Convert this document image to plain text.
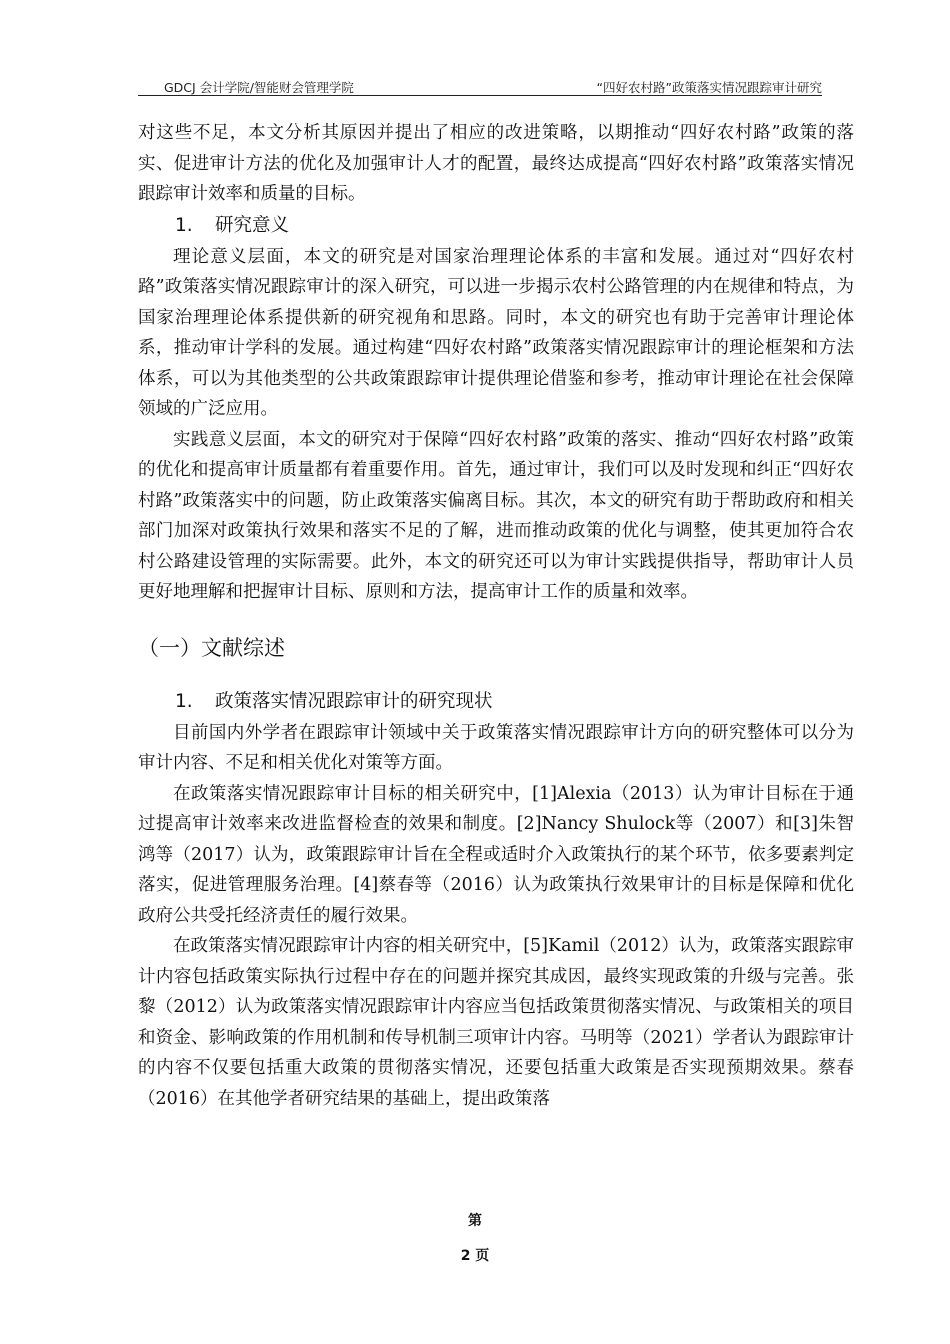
GDCJ 会计学院/智能财会管理学院	“四好农村路”政策落实情况跟踪审计研究

对这些不足，本文分析其原因并提出了相应的改进策略，以期推动“四好农村路”政策的落实、促进审计方法的优化及加强审计人才的配置，最终达成提高“四好农村路”政策落实情况跟踪审计效率和质量的目标。

1. 研究意义

理论意义层面，本文的研究是对国家治理理论体系的丰富和发展。通过对“四好农村路”政策落实情况跟踪审计的深入研究，可以进一步揭示农村公路管理的内在规律和特点，为国家治理理论体系提供新的研究视角和思路。同时，本文的研究也有助于完善审计理论体系，推动审计学科的发展。通过构建“四好农村路”政策落实情况跟踪审计的理论框架和方法体系，可以为其他类型的公共政策跟踪审计提供理论借鉴和参考，推动审计理论在社会保障领域的广泛应用。

实践意义层面，本文的研究对于保障“四好农村路”政策的落实、推动“四好农村路”政策的优化和提高审计质量都有着重要作用。首先，通过审计，我们可以及时发现和纠正“四好农村路”政策落实中的问题，防止政策落实偏离目标。其次，本文的研究有助于帮助政府和相关部门加深对政策执行效果和落实不足的了解，进而推动政策的优化与调整，使其更加符合农村公路建设管理的实际需要。此外，本文的研究还可以为审计实践提供指导，帮助审计人员更好地理解和把握审计目标、原则和方法，提高审计工作的质量和效率。

（一）文献综述
1. 政策落实情况跟踪审计的研究现状

目前国内外学者在跟踪审计领域中关于政策落实情况跟踪审计方向的研究整体可以分为审计内容、不足和相关优化对策等方面。

在政策落实情况跟踪审计目标的相关研究中，[1]Alexia（2013）认为审计目标在于通过提高审计效率来改进监督检查的效果和制度。[2]Nancy Shulock等（2007）和[3]朱智鸿等（2017）认为，政策跟踪审计旨在全程或适时介入政策执行的某个环节，依多要素判定落实，促进管理服务治理。[4]蔡春等（2016）认为政策执行效果审计的目标是保障和优化政府公共受托经济责任的履行效果。

在政策落实情况跟踪审计内容的相关研究中，[5]Kamil（2012）认为，政策落实跟踪审计内容包括政策实际执行过程中存在的问题并探究其成因，最终实现政策的升级与完善。张黎（2012）认为政策落实情况跟踪审计内容应当包括政策贯彻落实情况、与政策相关的项目和资金、影响政策的作用机制和传导机制三项审计内容。马明等（2021）学者认为跟踪审计的内容不仅要包括重大政策的贯彻落实情况，还要包括重大政策是否实现预期效果。蔡春（2016）在其他学者研究结果的基础上，提出政策落

第
2 页
